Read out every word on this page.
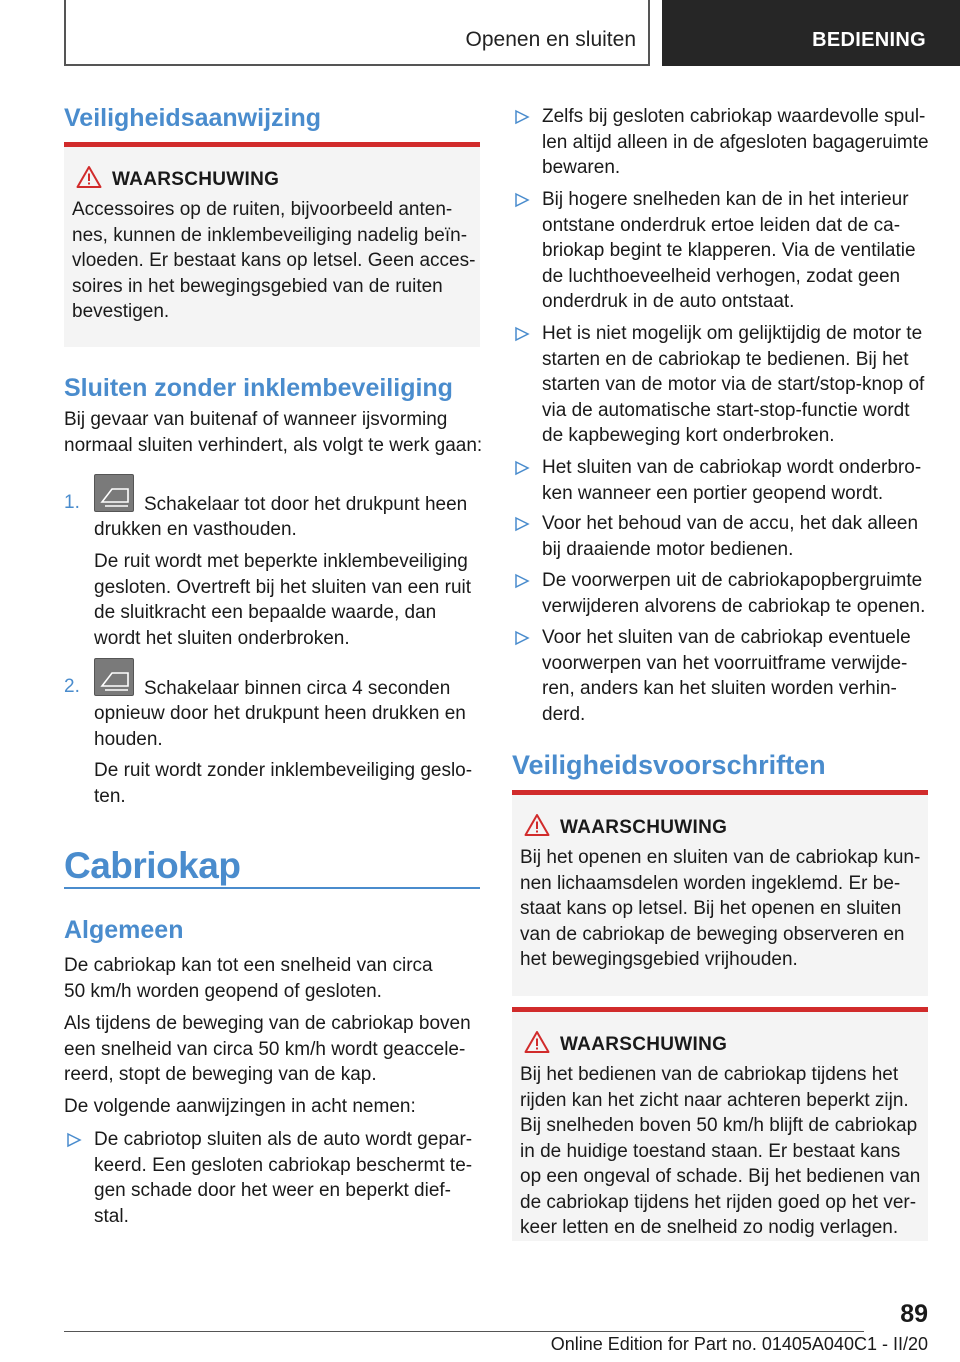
Openen en sluiten	BEDIENING
Veiligheidsaanwijzing
WAARSCHUWING
Accessoires op de ruiten, bijvoorbeeld anten-
nes, kunnen de inklembeveiliging nadelig beïn-
vloeden. Er bestaat kans op letsel. Geen acces-
soires in het bewegingsgebied van de ruiten
bevestigen.
Sluiten zonder inklembeveiliging

Bij gevaar van buitenaf of wanneer ijsvorming
normaal sluiten verhindert, als volgt te werk gaan:

1.	Schakelaar tot door het drukpunt heen

drukken en vasthouden.

De ruit wordt met beperkte inklembeveiliging
gesloten. Overtreft bij het sluiten van een ruit
de sluitkracht een bepaalde waarde, dan
wordt het sluiten onderbroken.

2.	Schakelaar binnen circa 4 seconden

opnieuw door het drukpunt heen drukken en
houden.

De ruit wordt zonder inklembeveiliging geslo-
ten.

Cabriokap
Algemeen

De cabriokap kan tot een snelheid van circa
50 km/h worden geopend of gesloten.

Als tijdens de beweging van de cabriokap boven
een snelheid van circa 50 km/h wordt geaccele-
reerd, stopt de beweging van de kap.

De volgende aanwijzingen in acht nemen:

De cabriotop sluiten als de auto wordt gepar-
keerd. Een gesloten cabriokap beschermt te-
gen schade door het weer en beperkt dief-
stal.
Zelfs bij gesloten cabriokap waardevolle spul-
len altijd alleen in de afgesloten bagageruimte
bewaren.
Bij hogere snelheden kan de in het interieur
ontstane onderdruk ertoe leiden dat de ca-
briokap begint te klapperen. Via de ventilatie
de luchthoeveelheid verhogen, zodat geen
onderdruk in de auto ontstaat.
Het is niet mogelijk om gelijktijdig de motor te
starten en de cabriokap te bedienen. Bij het
starten van de motor via de start/stop-knop of
via de automatische start-stop-functie wordt
de kapbeweging kort onderbroken.
Het sluiten van de cabriokap wordt onderbro-
ken wanneer een portier geopend wordt.
Voor het behoud van de accu, het dak alleen
bij draaiende motor bedienen.
De voorwerpen uit de cabriokapopbergruimte
verwijderen alvorens de cabriokap te openen.
Voor het sluiten van de cabriokap eventuele
voorwerpen van het voorruitframe verwijde-
ren, anders kan het sluiten worden verhin-
derd.
Veiligheidsvoorschriften
WAARSCHUWING
Bij het openen en sluiten van de cabriokap kun-
nen lichaamsdelen worden ingeklemd. Er be-
staat kans op letsel. Bij het openen en sluiten
van de cabriokap de beweging observeren en
het bewegingsgebied vrijhouden.
WAARSCHUWING
Bij het bedienen van de cabriokap tijdens het
rijden kan het zicht naar achteren beperkt zijn.
Bij snelheden boven 50 km/h blijft de cabriokap
in de huidige toestand staan. Er bestaat kans
op een ongeval of schade. Bij het bedienen van
de cabriokap tijdens het rijden goed op het ver-
keer letten en de snelheid zo nodig verlagen.
89
Online Edition for Part no. 01405A040C1 - II/20
